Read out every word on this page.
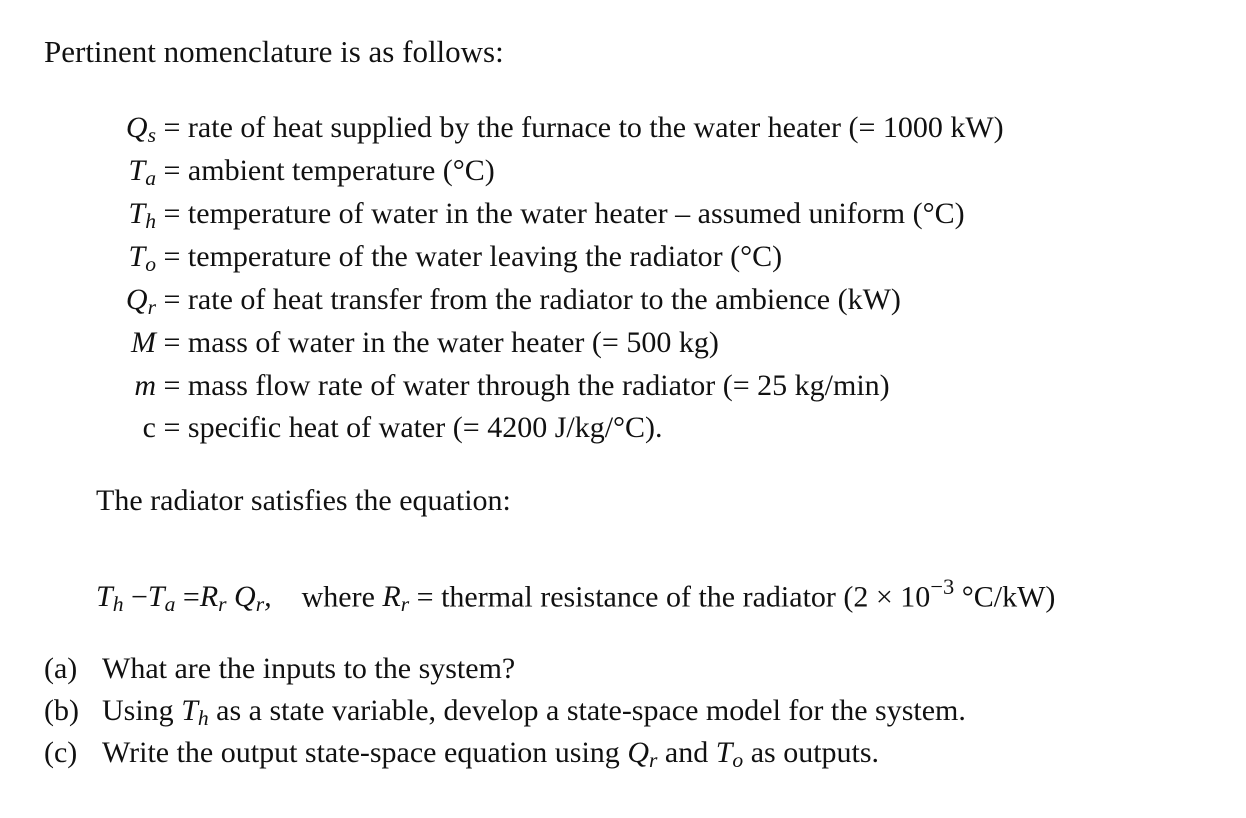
Pertinent nomenclature is as follows:
$Q_s$ = rate of heat supplied by the furnace to the water heater (= 1000 kW)
$T_a$ = ambient temperature (°C)
$T_h$ = temperature of water in the water heater – assumed uniform (°C)
$T_o$ = temperature of the water leaving the radiator (°C)
$Q_r$ = rate of heat transfer from the radiator to the ambience (kW)
M = mass of water in the water heater (= 500 kg)
m = mass flow rate of water through the radiator (= 25 kg/min)
c = specific heat of water (= 4200 J/kg/°C).
The radiator satisfies the equation:
$T_h -T_a =R_r$ $Q_r$, where $R_r$ = thermal resistance of the radiator ($2 \times 10^{-3}$ °C/kW)
(a) What are the inputs to the system?
(b) Using $T_h$ as a state variable, develop a state-space model for the system.
(c) Write the output state-space equation using $Q_r$ and $T_o$ as outputs.
